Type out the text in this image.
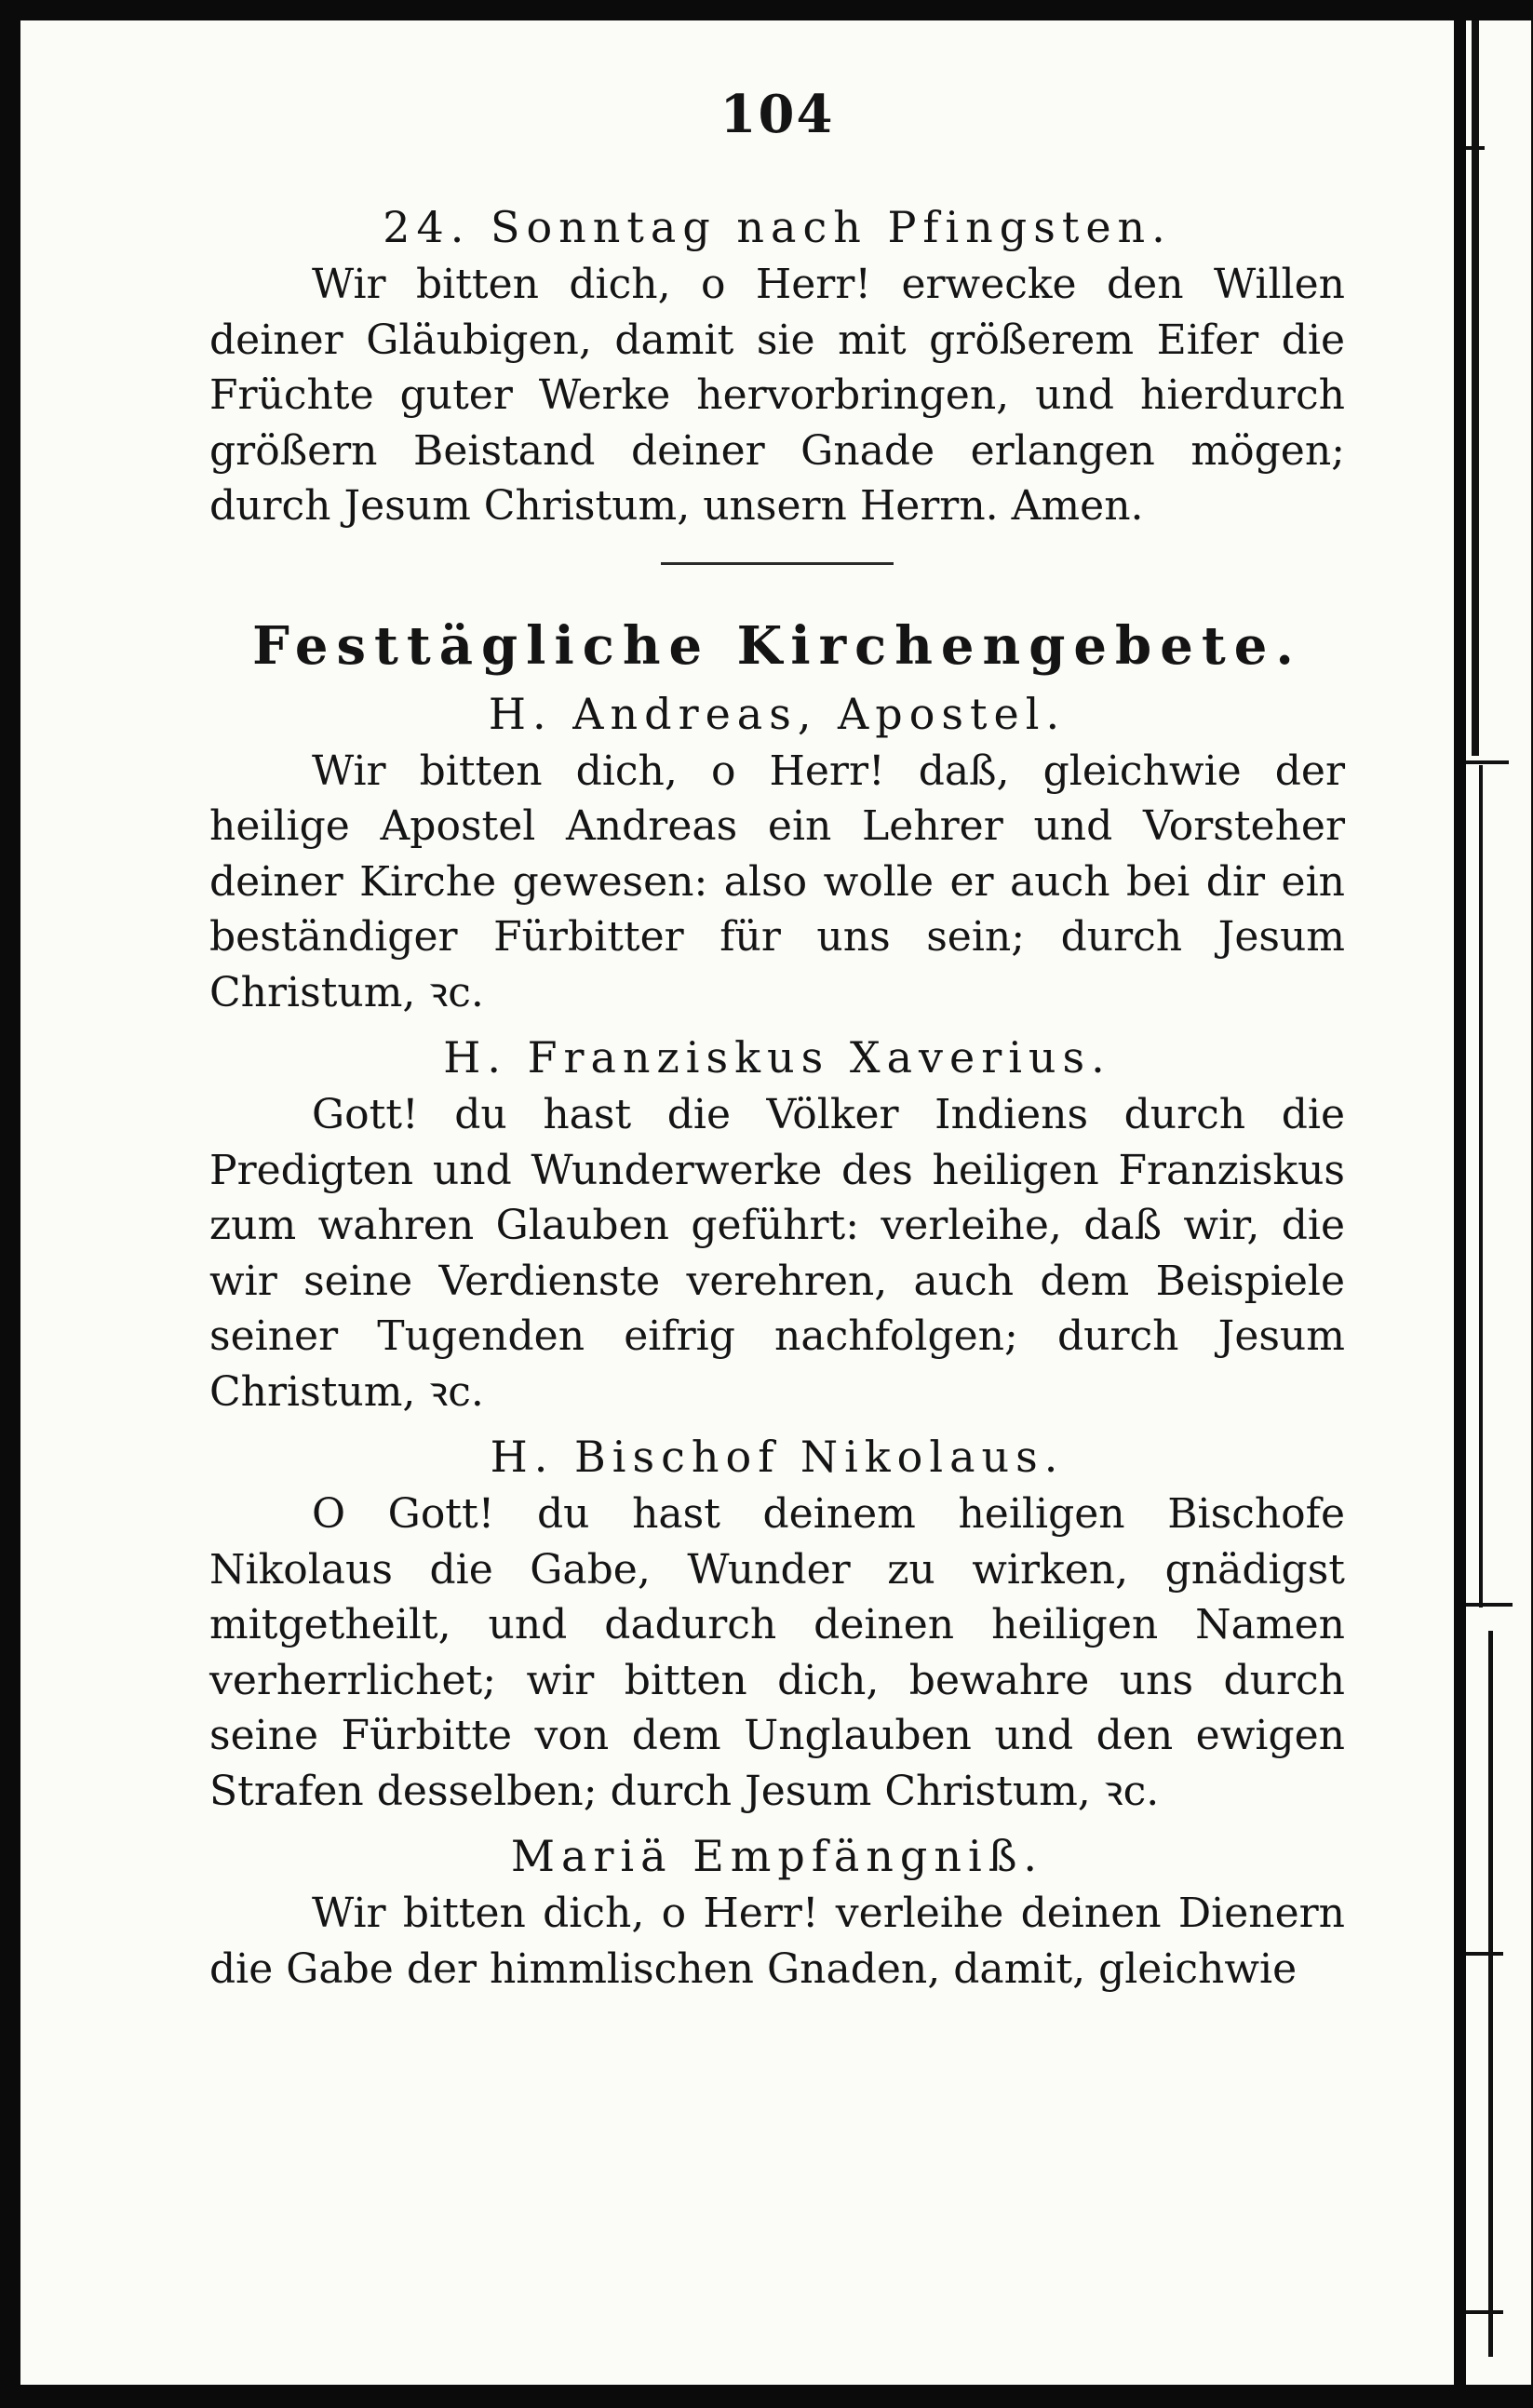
104
24. Sonntag nach Pfingsten.
Wir bitten dich, o Herr! erwecke den Willen deiner Gläubigen, damit sie mit größerem Eifer die Früchte guter Werke hervorbringen, und hierdurch größern Beistand deiner Gnade erlangen mögen; durch Jesum Christum, unsern Herrn. Amen.
Festtägliche Kirchengebete.
H. Andreas, Apostel.
Wir bitten dich, o Herr! daß, gleichwie der heilige Apostel Andreas ein Lehrer und Vorsteher deiner Kirche gewesen: also wolle er auch bei dir ein beständiger Fürbitter für uns sein; durch Jesum Christum, ꝛc.
H. Franziskus Xaverius.
Gott! du hast die Völker Indiens durch die Predigten und Wunderwerke des heiligen Franziskus zum wahren Glauben geführt: verleihe, daß wir, die wir seine Verdienste verehren, auch dem Beispiele seiner Tugenden eifrig nachfolgen; durch Jesum Christum, ꝛc.
H. Bischof Nikolaus.
O Gott! du hast deinem heiligen Bischofe Nikolaus die Gabe, Wunder zu wirken, gnädigst mitgetheilt, und dadurch deinen heiligen Namen verherrlichet; wir bitten dich, bewahre uns durch seine Fürbitte von dem Unglauben und den ewigen Strafen desselben; durch Jesum Christum, ꝛc.
Mariä Empfängniß.
Wir bitten dich, o Herr! verleihe deinen Dienern die Gabe der himmlischen Gnaden, damit, gleichwie
